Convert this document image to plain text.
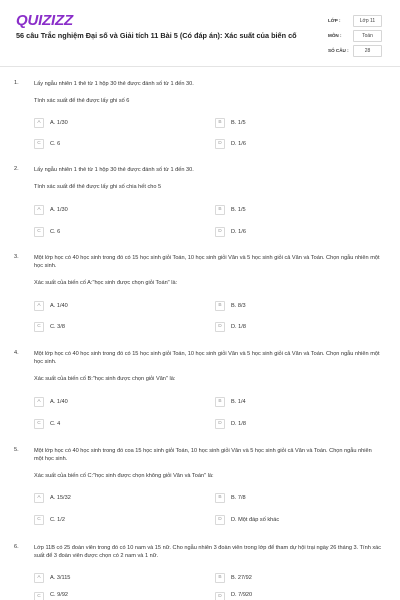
QUIZIZZ
56 câu Trắc nghiệm Đại số và Giải tích 11 Bài 5 (Có đáp án): Xác suất của biến cố
LỚP :	Lớp 11
MÔN :	Toán
SỐ CÂU :	28
1.	Lấy ngẫu nhiên 1 thẻ từ 1 hộp 30 thẻ được đánh số từ 1 đến 30.
Tính xác suất để thẻ được lấy ghi số 6
A	A. 1/30	B	B. 1/5
C	C. 6	D	D. 1/6
2.	Lấy ngẫu nhiên 1 thẻ từ 1 hộp 30 thẻ được đánh số từ 1 đến 30.
Tính xác suất để thẻ được lấy ghi số chia hết cho 5
A	A. 1/30	B	B. 1/5
C	C. 6	D	D. 1/6
3.	Một lớp học có 40 học sinh trong đó có 15 học sinh giỏi Toán, 10 học sinh giỏi Văn và 5 học sinh giỏi cả Văn và Toán. Chọn ngẫu nhiên một học sinh.
Xác suất của biến cố A:"học sinh được chọn giỏi Toán" là:
A	A. 1/40	B	B. 8/3
C	C. 3/8	D	D. 1/8
4.	Một lớp học có 40 học sinh trong đó có 15 học sinh giỏi Toán, 10 học sinh giỏi Văn và 5 học sinh giỏi cả Văn và Toán. Chọn ngẫu nhiên một học sinh.
Xác suất của biến cố B:"học sinh được chọn giỏi Văn" là:
A	A. 1/40	B	B. 1/4
C	C. 4	D	D. 1/8
5.	Một lớp học có 40 học sinh trong đó coa 15 học sinh giỏi Toán, 10 học sinh giỏi Văn và 5 học sinh giỏi cả Văn và Toán. Chọn ngẫu nhiên một học sinh.
Xác suất của biến cố C:"học sinh được chọn không giỏi Văn và Toán" là:
A	A. 15/32	B	B. 7/8
C	C. 1/2	D	D. Một đáp số khác
6.	Lớp 11B có 25 đoàn viên trong đó có 10 nam và 15 nữ. Cho ngẫu nhiên 3 đoàn viên trong lớp để tham dự hội trại ngày 26 tháng 3. Tính xác suất để 3 đoàn viên được chọn có 2 nam và 1 nữ.
A	A. 3/115	B	B. 27/92
C	C. 9/92	D	D. 7/920
